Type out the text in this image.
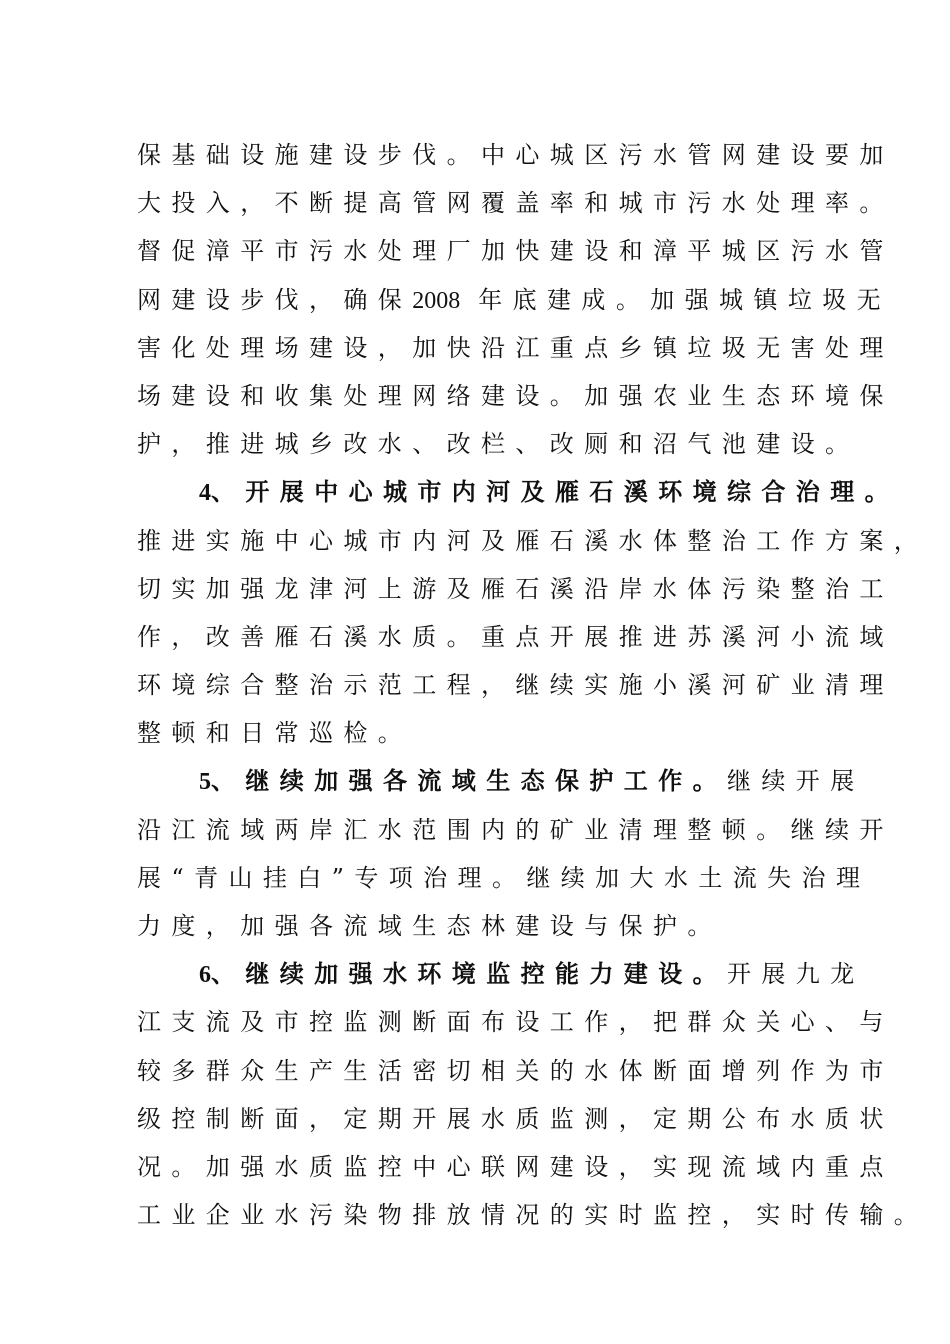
保基础设施建设步伐。中心城区污水管网建设要加
大投入，不断提高管网覆盖率和城市污水处理率。
督促漳平市污水处理厂加快建设和漳平城区污水管
网建设步伐，确保2008 年底建成。加强城镇垃圾无
害化处理场建设，加快沿江重点乡镇垃圾无害处理
场建设和收集处理网络建设。加强农业生态环境保
护，推进城乡改水、改栏、改厕和沼气池建设。
4、开展中心城市内河及雁石溪环境综合治理。
推进实施中心城市内河及雁石溪水体整治工作方案，
切实加强龙津河上游及雁石溪沿岸水体污染整治工
作，改善雁石溪水质。重点开展推进苏溪河小流域
环境综合整治示范工程，继续实施小溪河矿业清理
整顿和日常巡检。
5、继续加强各流域生态保护工作。继续开展
沿江流域两岸汇水范围内的矿业清理整顿。继续开
展“青山挂白”专项治理。继续加大水土流失治理
力度，加强各流域生态林建设与保护。
6、继续加强水环境监控能力建设。开展九龙
江支流及市控监测断面布设工作，把群众关心、与
较多群众生产生活密切相关的水体断面增列作为市
级控制断面，定期开展水质监测，定期公布水质状
况。加强水质监控中心联网建设，实现流域内重点
工业企业水污染物排放情况的实时监控，实时传输。
